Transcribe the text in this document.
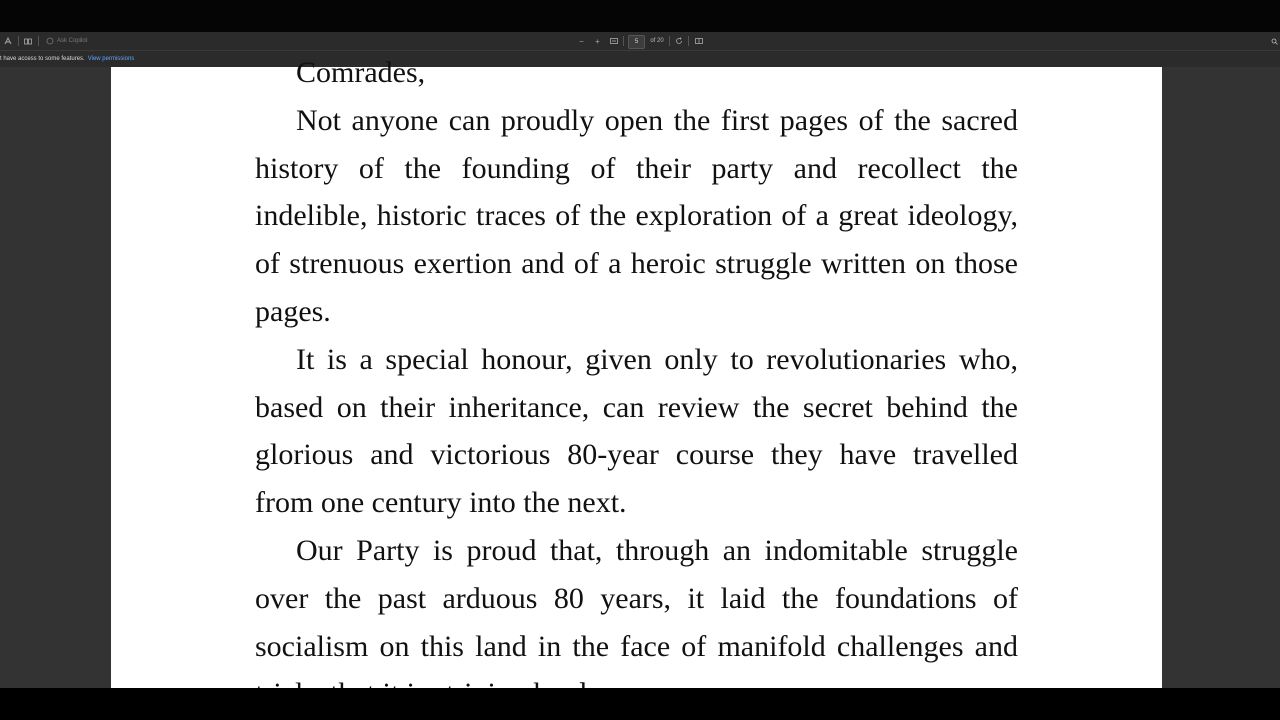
Ask Copilot	− +	5	of 20
t have access to some features. View permissions	Comrades,

Not anyone can proudly open the first pages of the sacred history of the founding of their party and recollect the indelible, historic traces of the exploration of a great ideology, of strenuous exertion and of a heroic struggle written on those pages.

It is a special honour, given only to revolutionaries who, based on their inheritance, can review the secret behind the glorious and victorious 80-year course they have travelled from one century into the next.

Our Party is proud that, through an indomitable struggle over the past arduous 80 years, it laid the foundations of socialism on this land in the face of manifold challenges and
